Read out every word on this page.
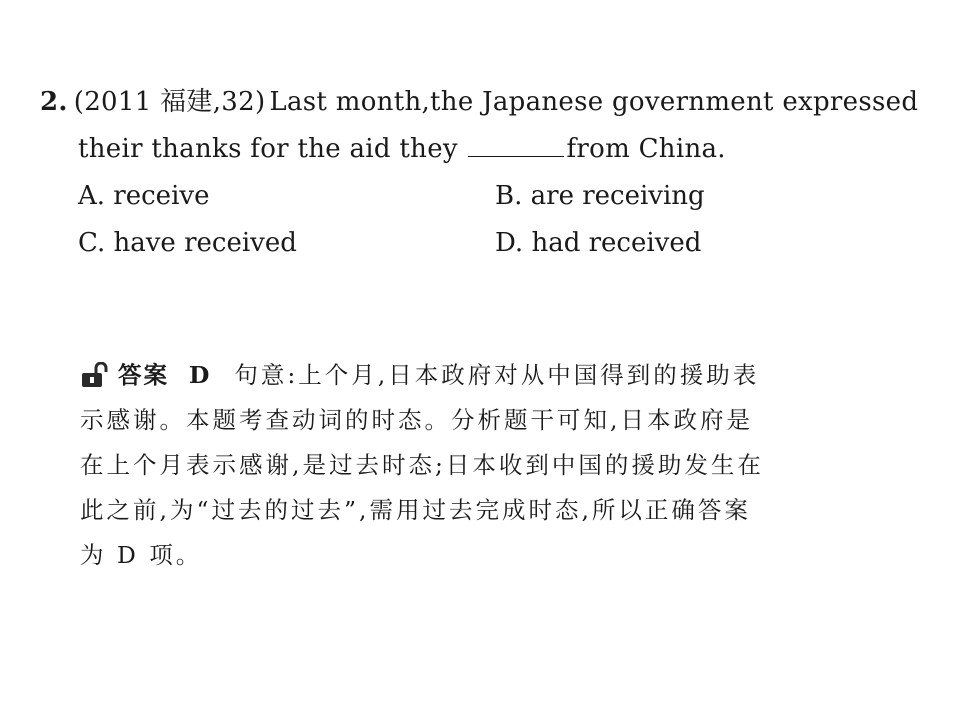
2. (2011 福建,32) Last month,the Japanese government expressed
their thanks for the aid they	from China.
A. receive	B. are receiving
C. have received	D. had received
答案 D 句意:上个月,日本政府对从中国得到的援助表
示感谢。本题考查动词的时态。分析题干可知,日本政府是
在上个月表示感谢,是过去时态;日本收到中国的援助发生在
此之前,为“过去的过去”,需用过去完成时态,所以正确答案
为 D 项。
